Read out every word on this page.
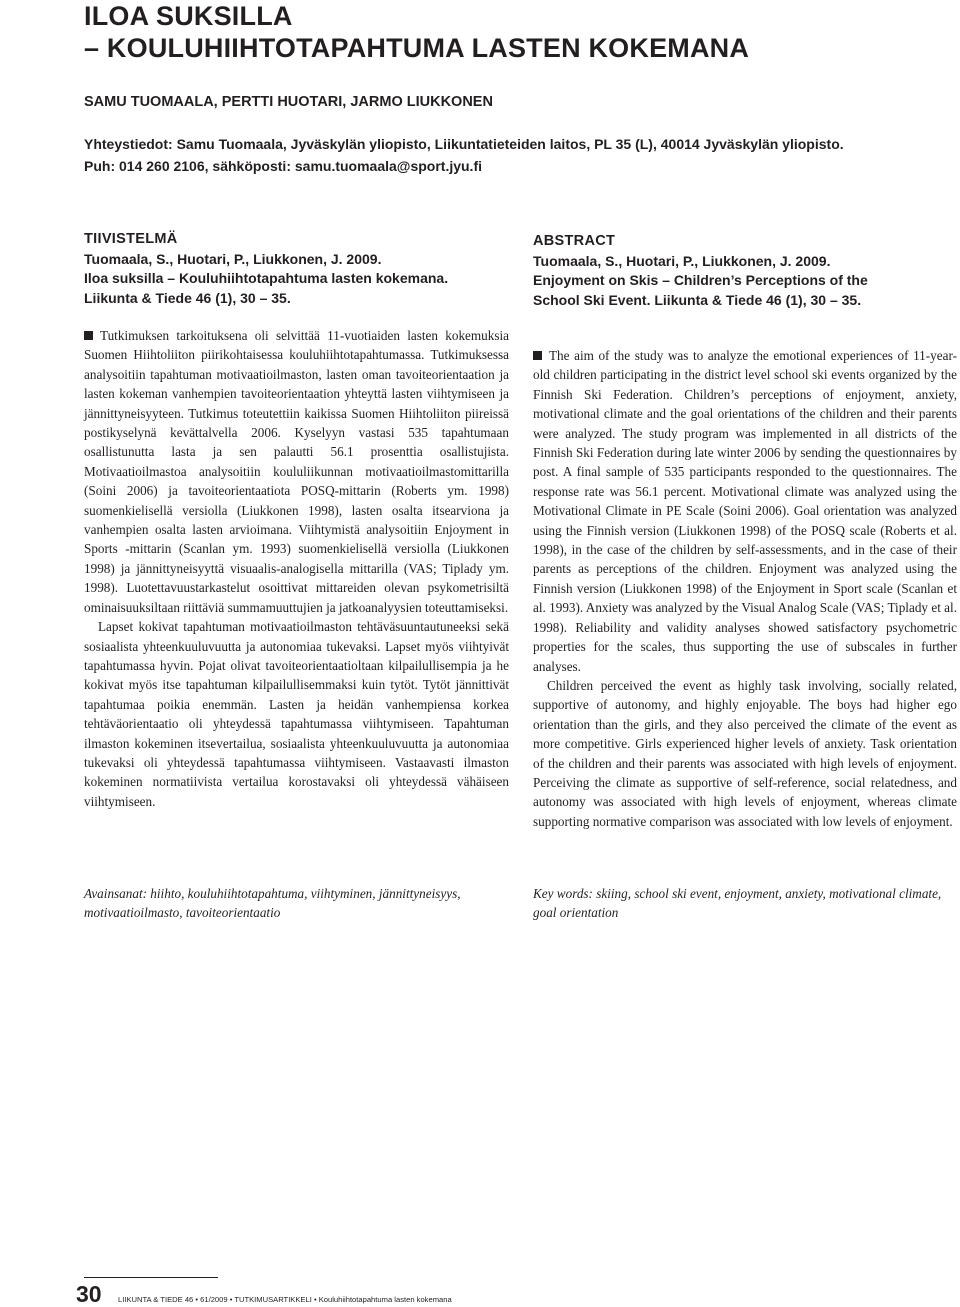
ILOA SUKSILLA
– KOULUHIIHTOTAPAHTUMA LASTEN KOKEMANA
SAMU TUOMAALA, PERTTI HUOTARI, JARMO LIUKKONEN
Yhteystiedot: Samu Tuomaala, Jyväskylän yliopisto, Liikuntatieteiden laitos, PL 35 (L), 40014 Jyväskylän yliopisto.
Puh: 014 260 2106, sähköposti: samu.tuomaala@sport.jyu.fi
TIIVISTELMÄ
Tuomaala, S., Huotari, P., Liukkonen, J. 2009.
Iloa suksilla – Kouluhiihtotapahtuma lasten kokemana.
Liikunta & Tiede 46 (1), 30 – 35.
ABSTRACT
Tuomaala, S., Huotari, P., Liukkonen, J. 2009.
Enjoyment on Skis – Children’s Perceptions of the
School Ski Event. Liikunta & Tiede 46 (1), 30 – 35.

Tutkimuksen tarkoituksena oli selvittää 11-vuotiaiden lasten kokemuksia Suomen Hiihtoliiton piirikohtaisessa kouluhiihtotapahtumassa. Tutkimuksessa analysoitiin tapahtuman motivaatioilmaston, lasten oman tavoiteorientaation ja lasten kokeman vanhempien tavoiteorientaation yhteyttä lasten viihtymiseen ja jännittyneisyyteen. Tutkimus toteutettiin kaikissa Suomen Hiihtoliiton piireissä postikyselynä kevättalvella 2006. Kyselyyn vastasi 535 tapahtumaan osallistunutta lasta ja sen palautti 56.1 prosenttia osallistujista. Motivaatioilmastoa analysoitiin koululiikunnan motivaatioilmastomittarilla (Soini 2006) ja tavoiteorientaatiota POSQ-mittarin (Roberts ym. 1998) suomenkielisellä versiolla (Liukkonen 1998), lasten osalta itsearviona ja vanhempien osalta lasten arvioimana. Viihtymistä analysoitiin Enjoyment in Sports -mittarin (Scanlan ym. 1993) suomenkielisellä versiolla (Liukkonen 1998) ja jännittyneisyyttä visuaalis-analogisella mittarilla (VAS; Tiplady ym. 1998). Luotettavuustarkastelut osoittivat mittareiden olevan psykometrisiltä ominaisuuksiltaan riittäviä summamuuttujien ja jatkoanalyysien toteuttamiseksi.

Lapset kokivat tapahtuman motivaatioilmaston tehtäväsuuntautuneeksi sekä sosiaalista yhteenkuuluvuutta ja autonomiaa tukevaksi. Lapset myös viihtyivät tapahtumassa hyvin. Pojat olivat tavoiteorientaatioltaan kilpailullisempia ja he kokivat myös itse tapahtuman kilpailullisemmaksi kuin tytöt. Tytöt jännittivät tapahtumaa poikia enemmän. Lasten ja heidän vanhempiensa korkea tehtäväorientaatio oli yhteydessä tapahtumassa viihtymiseen. Tapahtuman ilmaston kokeminen itsevertailua, sosiaalista yhteenkuuluvuutta ja autonomiaa tukevaksi oli yhteydessä tapahtumassa viihtymiseen. Vastaavasti ilmaston kokeminen normatiivista vertailua korostavaksi oli yhteydessä vähäiseen viihtymiseen.

The aim of the study was to analyze the emotional experiences of 11-year-old children participating in the district level school ski events organized by the Finnish Ski Federation. Children’s perceptions of enjoyment, anxiety, motivational climate and the goal orientations of the children and their parents were analyzed. The study program was implemented in all districts of the Finnish Ski Federation during late winter 2006 by sending the questionnaires by post. A final sample of 535 participants responded to the questionnaires. The response rate was 56.1 percent. Motivational climate was analyzed using the Motivational Climate in PE Scale (Soini 2006). Goal orientation was analyzed using the Finnish version (Liukkonen 1998) of the POSQ scale (Roberts et al. 1998), in the case of the children by self-assessments, and in the case of their parents as perceptions of the children. Enjoyment was analyzed using the Finnish version (Liukkonen 1998) of the Enjoyment in Sport scale (Scanlan et al. 1993). Anxiety was analyzed by the Visual Analog Scale (VAS; Tiplady et al. 1998). Reliability and validity analyses showed satisfactory psychometric properties for the scales, thus supporting the use of subscales in further analyses.

Children perceived the event as highly task involving, socially related, supportive of autonomy, and highly enjoyable. The boys had higher ego orientation than the girls, and they also perceived the climate of the event as more competitive. Girls experienced higher levels of anxiety. Task orientation of the children and their parents was associated with high levels of enjoyment. Perceiving the climate as supportive of self-reference, social relatedness, and autonomy was associated with high levels of enjoyment, whereas climate supporting normative comparison was associated with low levels of enjoyment.

Avainsanat: hiihto, kouluhiihtotapahtuma, viihtyminen, jännittyneisyys, motivaatioilmasto, tavoiteorientaatio
Key words: skiing, school ski event, enjoyment, anxiety, motivational climate, goal orientation
30 LIIKUNTA & TIEDE 46 • 61/2009 • TUTKIMUSARTIKKELI • Kouluhiihtotapahtuma lasten kokemana
